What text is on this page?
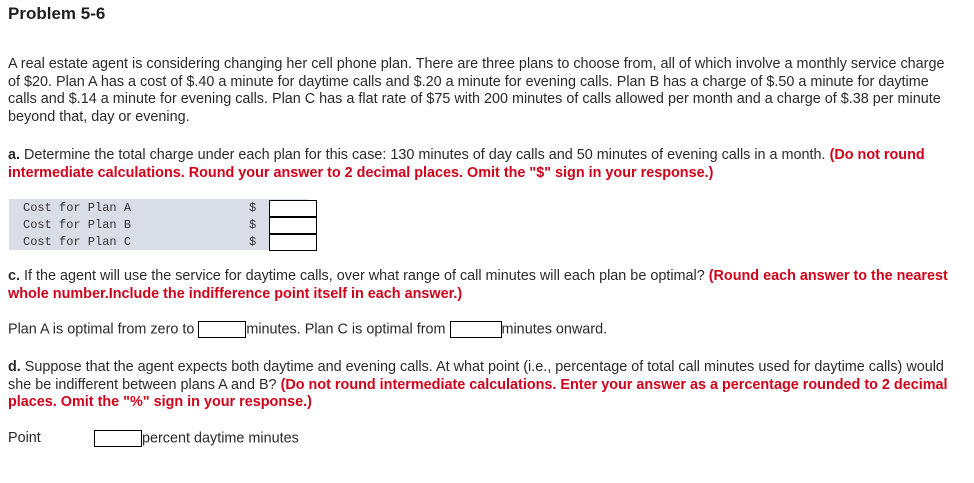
Problem 5-6
A real estate agent is considering changing her cell phone plan. There are three plans to choose from, all of which involve a monthly service charge of $20. Plan A has a cost of $.40 a minute for daytime calls and $.20 a minute for evening calls. Plan B has a charge of $.50 a minute for daytime calls and $.14 a minute for evening calls. Plan C has a flat rate of $75 with 200 minutes of calls allowed per month and a charge of $.38 per minute beyond that, day or evening.
a. Determine the total charge under each plan for this case: 130 minutes of day calls and 50 minutes of evening calls in a month. (Do not round intermediate calculations. Round your answer to 2 decimal places. Omit the "$" sign in your response.)
Cost for Plan A	$
Cost for Plan B	$
Cost for Plan C	$
c. If the agent will use the service for daytime calls, over what range of call minutes will each plan be optimal? (Round each answer to the nearest whole number.Include the indifference point itself in each answer.)
Plan A is optimal from zero to	minutes. Plan C is optimal from	minutes onward.
d. Suppose that the agent expects both daytime and evening calls. At what point (i.e., percentage of total call minutes used for daytime calls) would she be indifferent between plans A and B? (Do not round intermediate calculations. Enter your answer as a percentage rounded to 2 decimal places. Omit the "%" sign in your response.)
Point	percent daytime minutes
